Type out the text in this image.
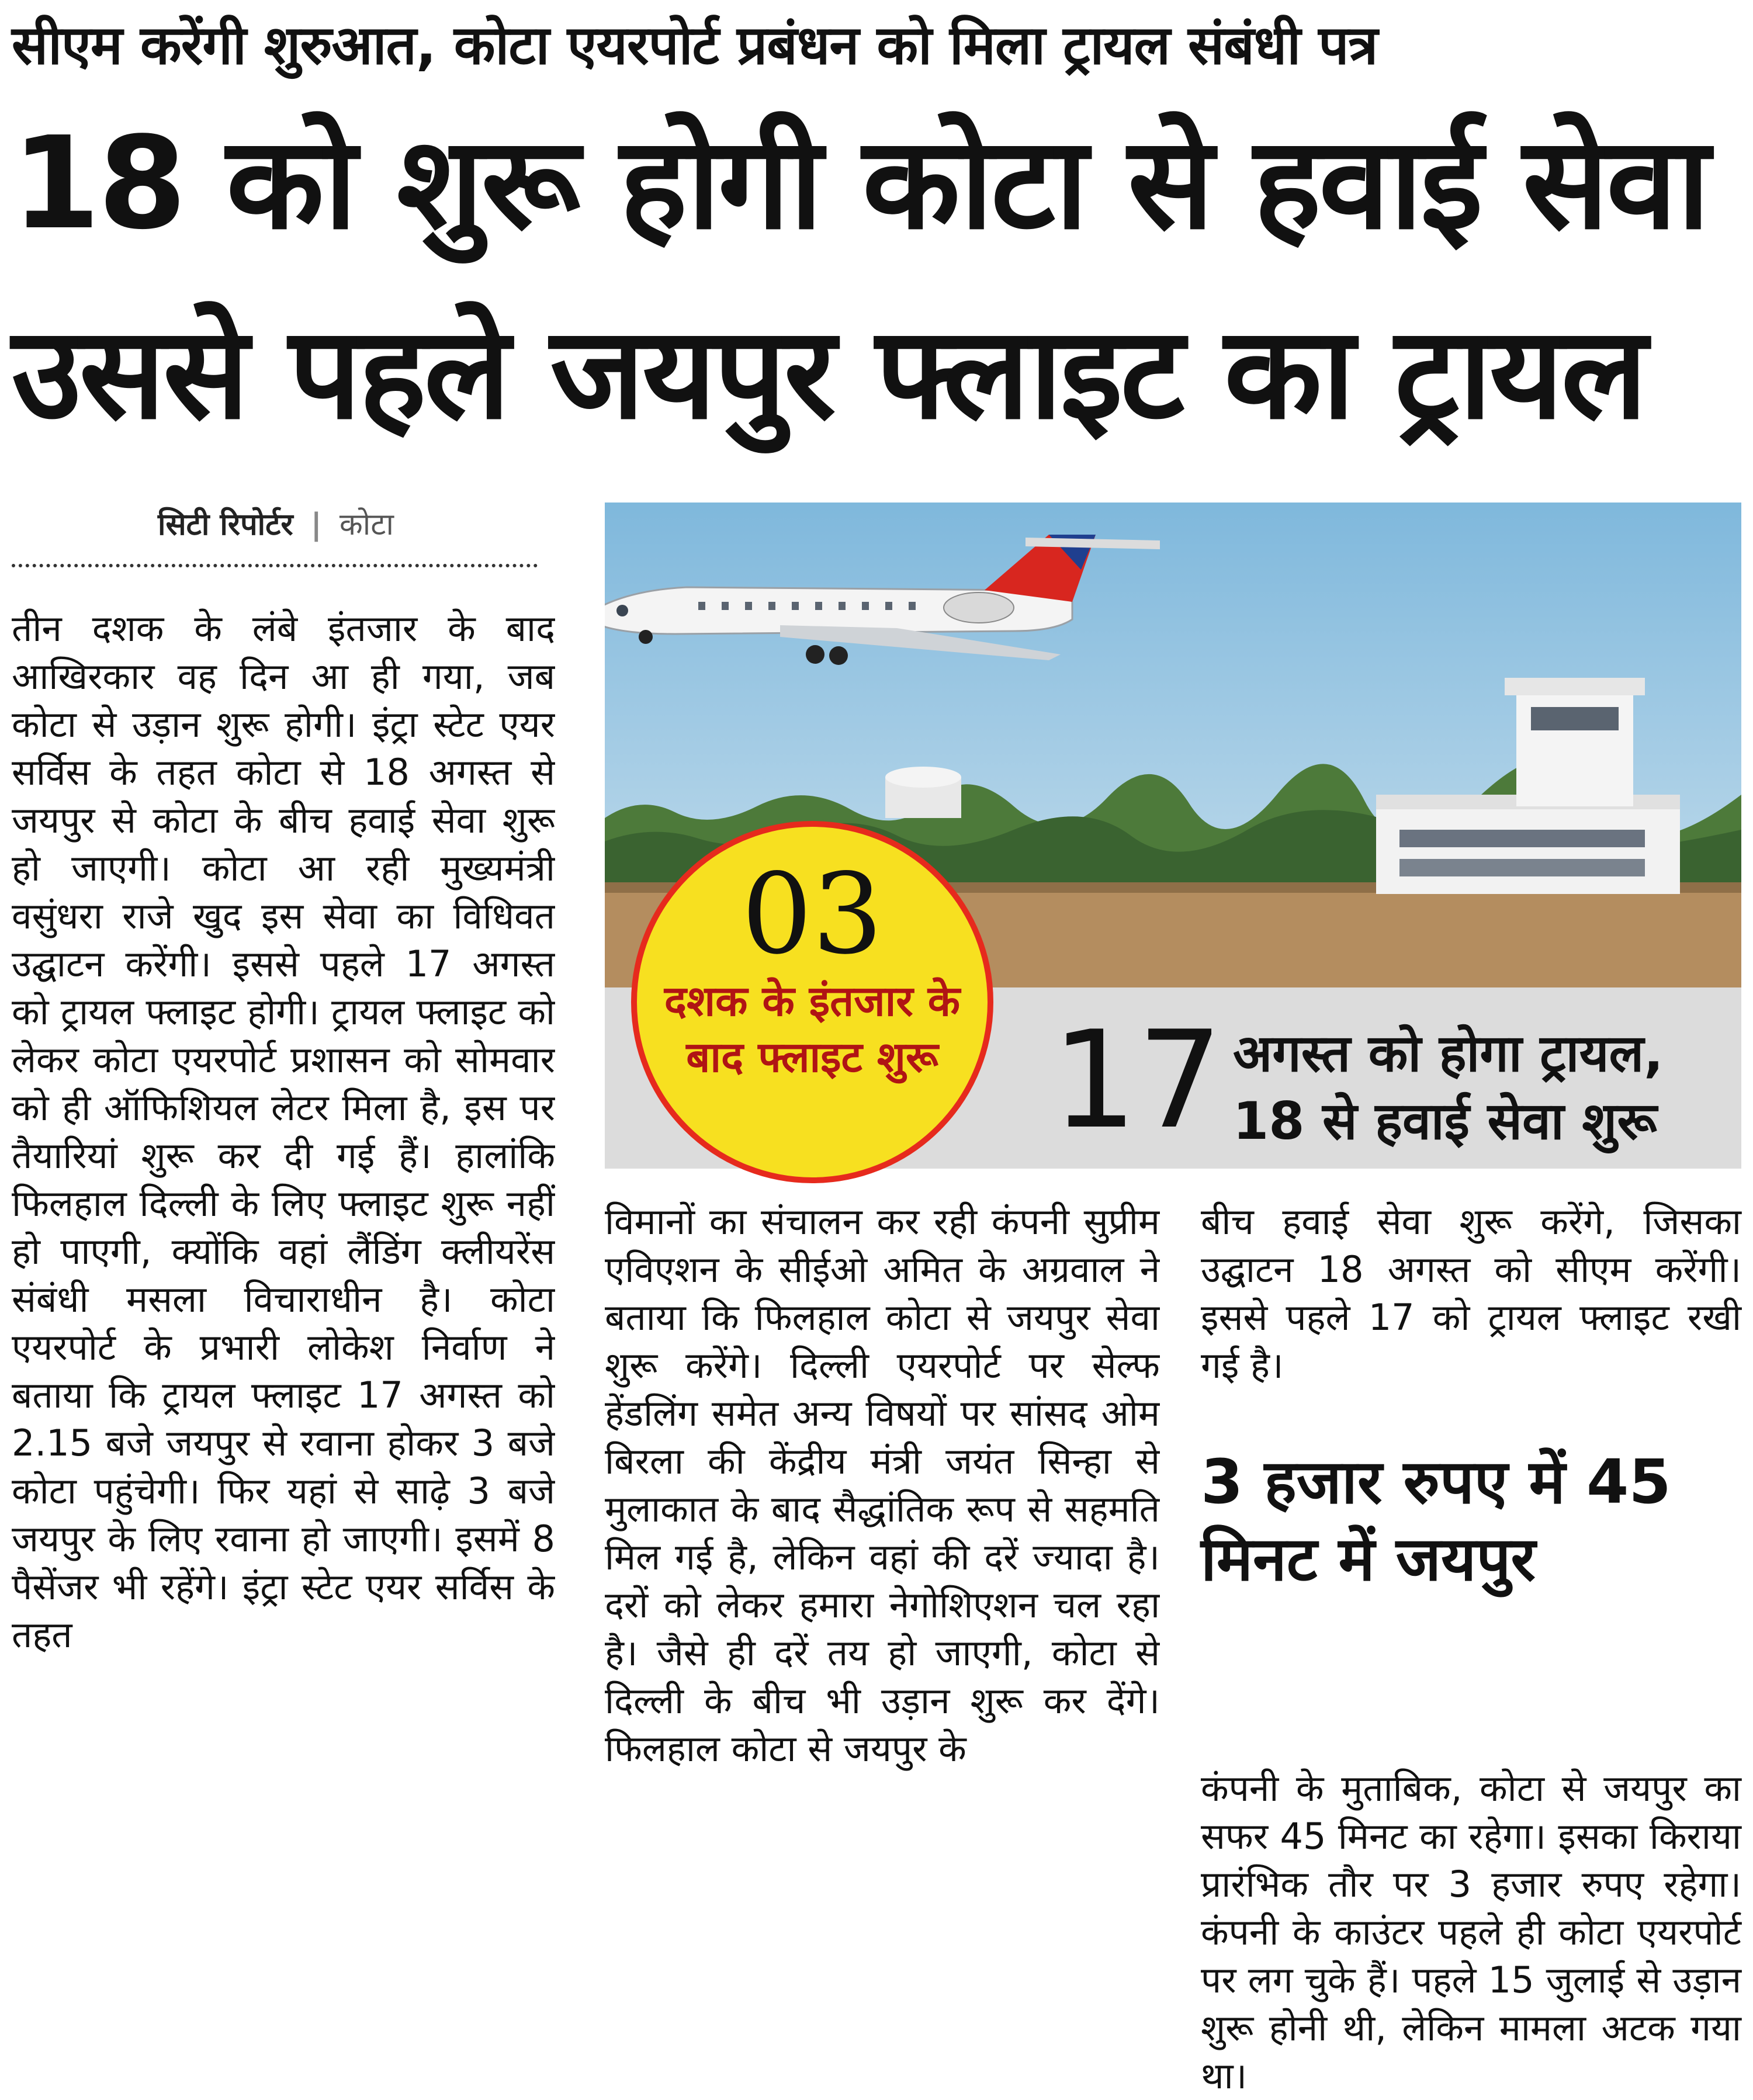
सीएम करेंगी शुरुआत, कोटा एयरपोर्ट प्रबंधन को मिला ट्रायल संबंधी पत्र
18 को शुरू होगी कोटा से हवाई सेवा
उससे पहले जयपुर फ्लाइट का ट्रायल
सिटी रिपोर्टर | कोटा
तीन दशक के लंबे इंतजार के बाद आखिरकार वह दिन आ ही गया, जब कोटा से उड़ान शुरू होगी। इंट्रा स्टेट एयर सर्विस के तहत कोटा से 18 अगस्त से जयपुर से कोटा के बीच हवाई सेवा शुरू हो जाएगी। कोटा आ रही मुख्यमंत्री वसुंधरा राजे खुद इस सेवा का विधिवत उद्घाटन करेंगी। इससे पहले 17 अगस्त को ट्रायल फ्लाइट होगी। ट्रायल फ्लाइट को लेकर कोटा एयरपोर्ट प्रशासन को सोमवार को ही ऑफिशियल लेटर मिला है, इस पर तैयारियां शुरू कर दी गई हैं। हालांकि फिलहाल दिल्ली के लिए फ्लाइट शुरू नहीं हो पाएगी, क्योंकि वहां लैंडिंग क्लीयरेंस संबंधी मसला विचाराधीन है। कोटा एयरपोर्ट के प्रभारी लोकेश निर्वाण ने बताया कि ट्रायल फ्लाइट 17 अगस्त को 2.15 बजे जयपुर से रवाना होकर 3 बजे कोटा पहुंचेगी। फिर यहां से साढ़े 3 बजे जयपुर के लिए रवाना हो जाएगी। इसमें 8 पैसेंजर भी रहेंगे। इंट्रा स्टेट एयर सर्विस के तहत
17 अगस्त को होगा ट्रायल,
18 से हवाई सेवा शुरू
03
दशक के इंतजार के बाद फ्लाइट शुरू
विमानों का संचालन कर रही कंपनी सुप्रीम एविएशन के सीईओ अमित के अग्रवाल ने बताया कि फिलहाल कोटा से जयपुर सेवा शुरू करेंगे। दिल्ली एयरपोर्ट पर सेल्फ हेंडलिंग समेत अन्य विषयों पर सांसद ओम बिरला की केंद्रीय मंत्री जयंत सिन्हा से मुलाकात के बाद सैद्धांतिक रूप से सहमति मिल गई है, लेकिन वहां की दरें ज्यादा है। दरों को लेकर हमारा नेगोशिएशन चल रहा है। जैसे ही दरें तय हो जाएगी, कोटा से दिल्ली के बीच भी उड़ान शुरू कर देंगे। फिलहाल कोटा से जयपुर के
बीच हवाई सेवा शुरू करेंगे, जिसका उद्घाटन 18 अगस्त को सीएम करेंगी। इससे पहले 17 को ट्रायल फ्लाइट रखी गई है।
3 हजार रुपए में 45 मिनट में जयपुर
कंपनी के मुताबिक, कोटा से जयपुर का सफर 45 मिनट का रहेगा। इसका किराया प्रारंभिक तौर पर 3 हजार रुपए रहेगा। कंपनी के काउंटर पहले ही कोटा एयरपोर्ट पर लग चुके हैं। पहले 15 जुलाई से उड़ान शुरू होनी थी, लेकिन मामला अटक गया था।
